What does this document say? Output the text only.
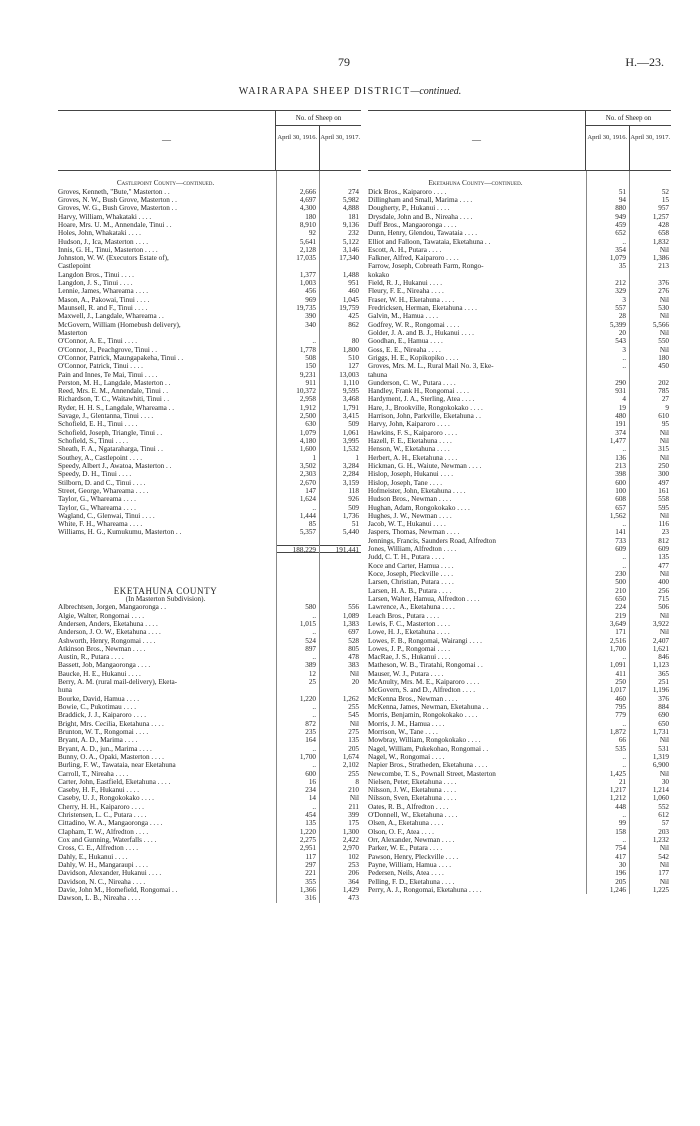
79	H.—23.
WAIRARAPA SHEEP DISTRICT—continued.
—
No. of Sheep on
April 30, 1916. April 30, 1917.
Castlepoint County—continued.
Groves, Kenneth, "Bute," Masterton . .	2,666	274
Groves, N. W., Bush Grove, Masterton . .	4,697	5,982
Groves, W. G., Bush Grove, Masterton . .	4,300	4,888
Harvy, William, Whakataki . . . .	180	181
Hoare, Mrs. U. M., Annendale, Tinui . .	8,910	9,136
Holes, John, Whakataki . . . .	92	232
Hudson, J., Ica, Masterton . . . .	5,641	5,122
Innis, G. H., Tinui, Masterton . . . .	2,128	3,146
Johnston, W. W. (Executors Estate of),	17,035	17,340
Castlepoint
Langdon Bros., Tinui . . . .	1,377	1,488
Langdon, J. S., Tinui . . . .	1,003	951
Lennie, James, Whareama . . . .	456	460
Mason, A., Pakowai, Tinui . . . .	969	1,045
Maunsell, R. and F., Tinui . . . .	19,735	19,759
Maxwell, J., Langdale, Whareama . .	390	425
McGovern, William (Homebush delivery),	340	862
Masterton
O'Connor, A. E., Tinui . . . .	..	80
O'Connor, J., Peachgrove, Tinui . .	1,778	1,800
O'Connor, Patrick, Maungapakeha, Tinui . .	508	510
O'Connor, Patrick, Tinui . . . .	150	127
Pain and Innes, Te Mai, Tinui . . . .	9,231	13,003
Perston, M. H., Langdale, Masterton . .	911	1,110
Reed, Mrs. E. M., Annendale, Tinui . .	10,372	9,595
Richardson, T. C., Waitawhiti, Tinui . .	2,958	3,468
Ryder, H. H. S., Langdale, Whareama . .	1,912	1,791
Savage, J., Glentanna, Tinui . . . .	2,500	3,415
Schofield, E. H., Tinui . . . .	630	509
Schofield, Joseph, Triangle, Tinui . .	1,079	1,061
Schofield, S., Tinui . . . .	4,180	3,995
Sheath, F. A., Ngataraharga, Tinui . .	1,600	1,532
Southey, A., Castlepoint . . . .	1	1
Speedy, Albert J., Awatoa, Masterton . .	3,502	3,284
Speedy, D. H., Tinui . . . .	2,303	2,284
Stilborn, D. and C., Tinui . . . .	2,670	3,159
Street, George, Whareama . . . .	147	118
Taylor, G., Whareama . . . .	1,624	926
Taylor, G., Whareama . . . .	..	509
Wagland, C., Glenwai, Tinui . . . .	1,444	1,736
White, F. H., Whareama . . . .	85	51
Williams, H. G., Kumukumu, Masterton . .	5,357	5,440
188,229	191,441
EKETAHUNA COUNTY
(In Masterton Subdivision).
Albrechtsen, Jorgen, Mangaoronga . .	580	556
Algie, Walter, Rongomai . . . .	..	1,089
Andersen, Anders, Eketahuna . . . .	1,015	1,383
Anderson, J. O. W., Eketahuna . . . .	..	697
Ashworth, Henry, Rongomai . . . .	524	528
Atkinson Bros., Newman . . . .	897	805
Austin, R., Putara . . . .	..	478
Bassett, Job, Mangaoronga . . . .	389	383
Baucke, H. E., Hukanui . . . .	12	Nil
Berry, A. M. (rural mail-delivery), Eketa-	25	20
huna
Bourke, David, Hamua . . . .	1,220	1,262
Bowie, C., Pukotimau . . . .	..	255
Braddick, J. J., Kaiparoro . . . .	..	545
Bright, Mrs. Cecilia, Eketahuna . . . .	872	Nil
Brunton, W. T., Rongomai . . . .	235	275
Bryant, A. D., Marima . . . .	164	135
Bryant, A. D., jun., Marima . . . .	..	205
Bunny, O. A., Opaki, Masterton . . . .	1,700	1,674
Burling, F. W., Tawataia, near Eketahuna	..	2,102
Carroll, T., Nireaha . . . .	600	255
Carter, John, Eastfield, Eketahuna . . . .	16	8
Caseby, H. F., Hukanui . . . .	234	210
Caseby, U. J., Rongokokako . . . .	14	Nil
Cherry, H. H., Kaiparoro . . . .	..	211
Christensen, L. C., Putara . . . .	454	399
Cittadino, W. A., Mangaoronga . . . .	135	175
Clapham, T. W., Alfredton . . . .	1,220	1,300
Cox and Gunning, Waterfalls . . . .	2,275	2,422
Cross, C. E., Alfredton . . . .	2,951	2,970
Dahly, E., Hukanui . . . .	117	102
Dahly, W. H., Mangaraupi . . . .	297	253
Davidson, Alexander, Hukanui . . . .	221	206
Davidson, N. C., Nireaha . . . .	355	364
Davie, John M., Homefield, Rongomai . .	1,366	1,429
Dawson, L. B., Nireaha . . . .	316	473
—
No. of Sheep on
April 30, 1916. April 30, 1917.
Eketahuna County—continued.
Dick Bros., Kaiparoro . . . .	51	52
Dillingham and Small, Marima . . . .	94	15
Dougherty, P., Hukanui . . . .	880	957
Drysdale, John and B., Nireaha . . . .	949	1,257
Duff Bros., Mangaoronga . . . .	459	428
Dunn, Henry, Glendou, Tawataia . . . .	652	658
Elliot and Falloon, Tawataia, Eketahuna . .	..	1,832
Escott, A. H., Putara . . . .	354	Nil
Falkner, Alfred, Kaiparoro . . . .	1,079	1,386
Farrow, Joseph, Cobreath Farm, Rongo-	35	213
kokako
Field, R. J., Hukanui . . . .	212	376
Fleury, F. E., Nireaha . . . .	329	276
Fraser, W. H., Eketahuna . . . .	3	Nil
Fredricksen, Herman, Eketahuna . . . .	557	530
Galvin, M., Hamua . . . .	28	Nil
Godfrey, W. R., Rongomai . . . .	5,399	5,566
Golder, J. A. and B. J., Hukanui . . . .	20	Nil
Goodhan, E., Hamua . . . .	543	550
Goss, E. E., Nireaha . . . .	3	Nil
Griggs, H. E., Kopikopiko . . . .	..	180
Groves, Mrs. M. L., Rural Mail No. 3, Eke-	..	450
tahuna
Gunderson, C. W., Putara . . . .	290	202
Handley, Frank H., Rongomai . . . .	931	785
Hardyment, J. A., Sterling, Atea . . . .	4	27
Hare, J., Brookville, Rongokokako . . . .	19	9
Harrison, John, Parkville, Eketahuna . .	480	610
Harvy, John, Kaiparoro . . . .	191	95
Hawkins, F. S., Kaiparoro . . . .	374	Nil
Hazell, F. E., Eketahuna . . . .	1,477	Nil
Henson, W., Eketahuna . . . .	..	315
Herbert, A. H., Eketahuna . . . .	136	Nil
Hickman, G. H., Waiute, Newman . . . .	213	250
Hislop, Joseph, Hukanui . . . .	398	300
Hislop, Joseph, Tane . . . .	600	497
Hofmeister, John, Eketahuna . . . .	100	161
Hudson Bros., Newman . . . .	608	558
Hughan, Adam, Rongokokako . . . .	657	595
Hughes, J. W., Newman . . . .	1,562	Nil
Jacob, W. T., Hukanui . . . .	..	116
Jaspers, Thomas, Newman . . . .	141	23
Jennings, Francis, Saunders Road, Alfredton	733	812
Jones, William, Alfredton . . . .	609	609
Judd, C. T. H., Putara . . . .	..	135
Koce and Carter, Hamua . . . .	..	477
Koce, Joseph, Pleckville . . . .	230	Nil
Larsen, Christian, Putara . . . .	500	400
Larsen, H. A. B., Putara . . . .	210	256
Larsen, Walter, Hamua, Alfredton . . . .	650	715
Lawrence, A., Eketahuna . . . .	224	506
Leach Bros., Putara . . . .	219	Nil
Lewis, F. C., Masterton . . . .	3,649	3,922
Lowe, H. J., Eketahuna . . . .	171	Nil
Lowes, F. B., Rongomai, Wairangi . . . .	2,516	2,407
Lowes, J. P., Rongomai . . . .	1,700	1,621
MacRae, J. S., Hukanui . . . .	..	846
Matheson, W. B., Tiratahi, Rongomai . .	1,091	1,123
Mauser, W. J., Putara . . . .	411	365
McAnulty, Mrs. M. E., Kaiparoro . . . .	250	251
McGovern, S. and D., Alfredton . . . .	1,017	1,196
McKenna Bros., Newman . . . .	460	376
McKenna, James, Newman, Eketahuna . .	795	884
Morris, Benjamin, Rongokokako . . . .	779	690
Morris, J. M., Hamua . . . .	..	650
Morrison, W., Tane . . . .	1,872	1,731
Mowbray, William, Rongokokako . . . .	66	Nil
Nagel, William, Pukekohao, Rongomai . .	535	531
Nagel, W., Rongomai . . . .	..	1,319
Napier Bros., Stratheden, Eketahuna . . . .	..	6,900
Newcombe, T. S., Pownall Street, Masterton	1,425	Nil
Nielsen, Peter, Eketahuna . . . .	21	30
Nilsson, J. W., Eketahuna . . . .	1,217	1,214
Nilsson, Sven, Eketahuna . . . .	1,212	1,060
Oates, R. B., Alfredton . . . .	448	552
O'Donnell, W., Eketahuna . . . .	..	612
Olsen, A., Eketahuna . . . .	99	57
Olson, O. F., Atea . . . .	158	203
Orr, Alexander, Newman . . . .	..	1,232
Parker, W. E., Putara . . . .	754	Nil
Pawson, Henry, Pleckville . . . .	417	542
Payne, William, Hamua . . . .	30	Nil
Pedersen, Neils, Atea . . . .	196	177
Pelling, F. D., Eketahuna . . . .	205	Nil
Perry, A. J., Rongomai, Eketahuna . . . .	1,246	1,225
